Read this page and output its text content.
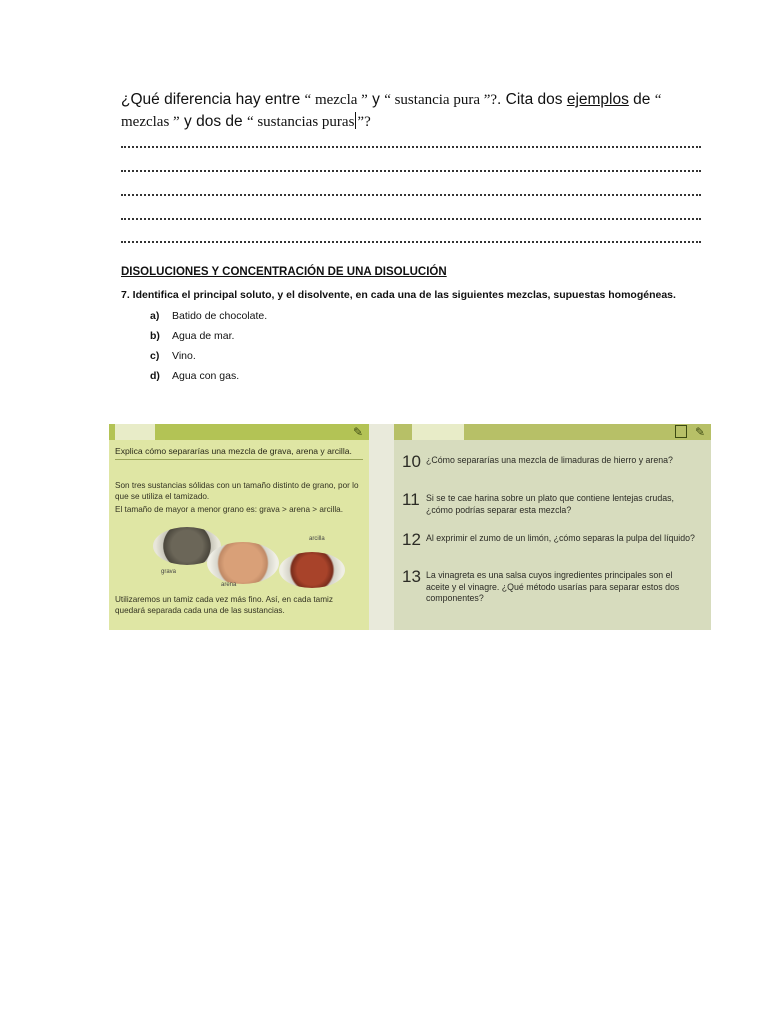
¿Qué diferencia hay entre “ mezcla ” y “ sustancia pura ”?. Cita dos ejemplos de “ mezclas ” y dos de “ sustancias puras ”?
DISOLUCIONES Y CONCENTRACIÓN DE UNA DISOLUCIÓN
7. Identifica el principal soluto, y el disolvente, en cada una de las siguientes mezclas, supuestas homogéneas.
a) Batido de chocolate.
b) Agua de mar.
c) Vino.
d) Agua con gas.
✎
Explica cómo separarías una mezcla de grava, arena y arcilla.
Son tres sustancias sólidas con un tamaño distinto de grano, por lo que se utiliza el tamizado.
El tamaño de mayor a menor grano es: grava > arena > arcilla.
arcilla
grava
arena
Utilizaremos un tamiz cada vez más fino. Así, en cada tamiz quedará separada cada una de las sustancias.
✎
10 ¿Cómo separarías una mezcla de limaduras de hierro y arena?
11 Si se te cae harina sobre un plato que contiene lentejas crudas, ¿cómo podrías separar esta mezcla?
12 Al exprimir el zumo de un limón, ¿cómo separas la pulpa del líquido?
13 La vinagreta es una salsa cuyos ingredientes principales son el aceite y el vinagre. ¿Qué método usarías para separar estos dos componentes?
